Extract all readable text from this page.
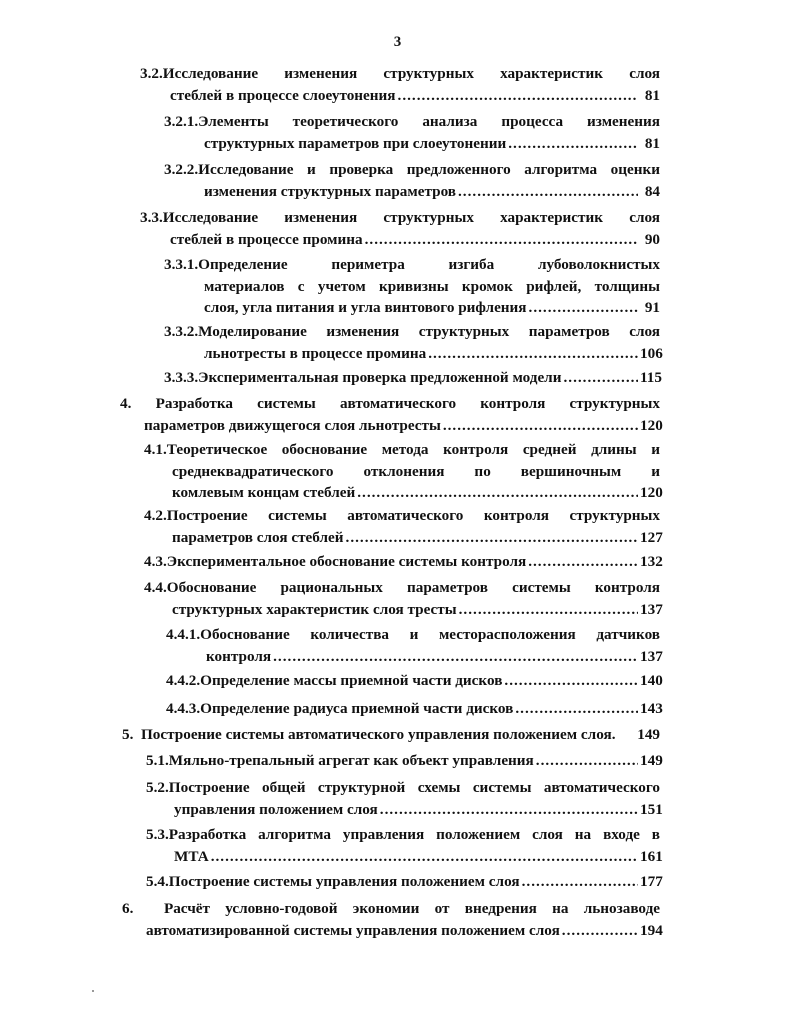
3
3.2.Исследование изменения структурных характеристик слоя
стеблей в процессе слоеутонения .....	81
3.2.1.Элементы теоретического анализа процесса изменения
структурных параметров при слоеутонении .....	81
3.2.2.Исследование и проверка предложенного алгоритма оценки
изменения структурных параметров .....	84
3.3.Исследование изменения структурных характеристик слоя
стеблей в процессе промина .....	90
3.3.1.Определение периметра изгиба лубоволокнистых
материалов с учетом кривизны кромок рифлей, толщины
слоя, угла питания и угла винтового рифления .....	91
3.3.2.Моделирование изменения структурных параметров слоя
льнотресты в процессе промина .....	106
3.3.3.Экспериментальная проверка предложенной модели .....	115
4. Разработка системы автоматического контроля структурных
параметров движущегося слоя льнотресты .....	120
4.1.Теоретическое обоснование метода контроля средней длины и
среднеквадратического отклонения по вершиночным и
комлевым концам стеблей .....	120
4.2.Построение системы автоматического контроля структурных
параметров слоя стеблей .....	127
4.3.Экспериментальное обоснование системы контроля .....	132
4.4.Обоснование рациональных параметров системы контроля
структурных характеристик слоя тресты .....	137
4.4.1.Обоснование количества и месторасположения датчиков
контроля .....	137
4.4.2.Определение массы приемной части дисков .....	140
4.4.3.Определение радиуса приемной части дисков .....	143
5. Построение системы автоматического управления положением слоя. 149
5.1.Мяльно-трепальный агрегат как объект управления .....	149
5.2.Построение общей структурной схемы системы автоматического
управления положением слоя .....	151
5.3.Разработка алгоритма управления положением слоя на входе в
МТА .....	161
5.4.Построение системы управления положением слоя .....	177
6. Расчёт условно-годовой экономии от внедрения на льнозаводе
автоматизированной системы управления положением слоя .....	194
